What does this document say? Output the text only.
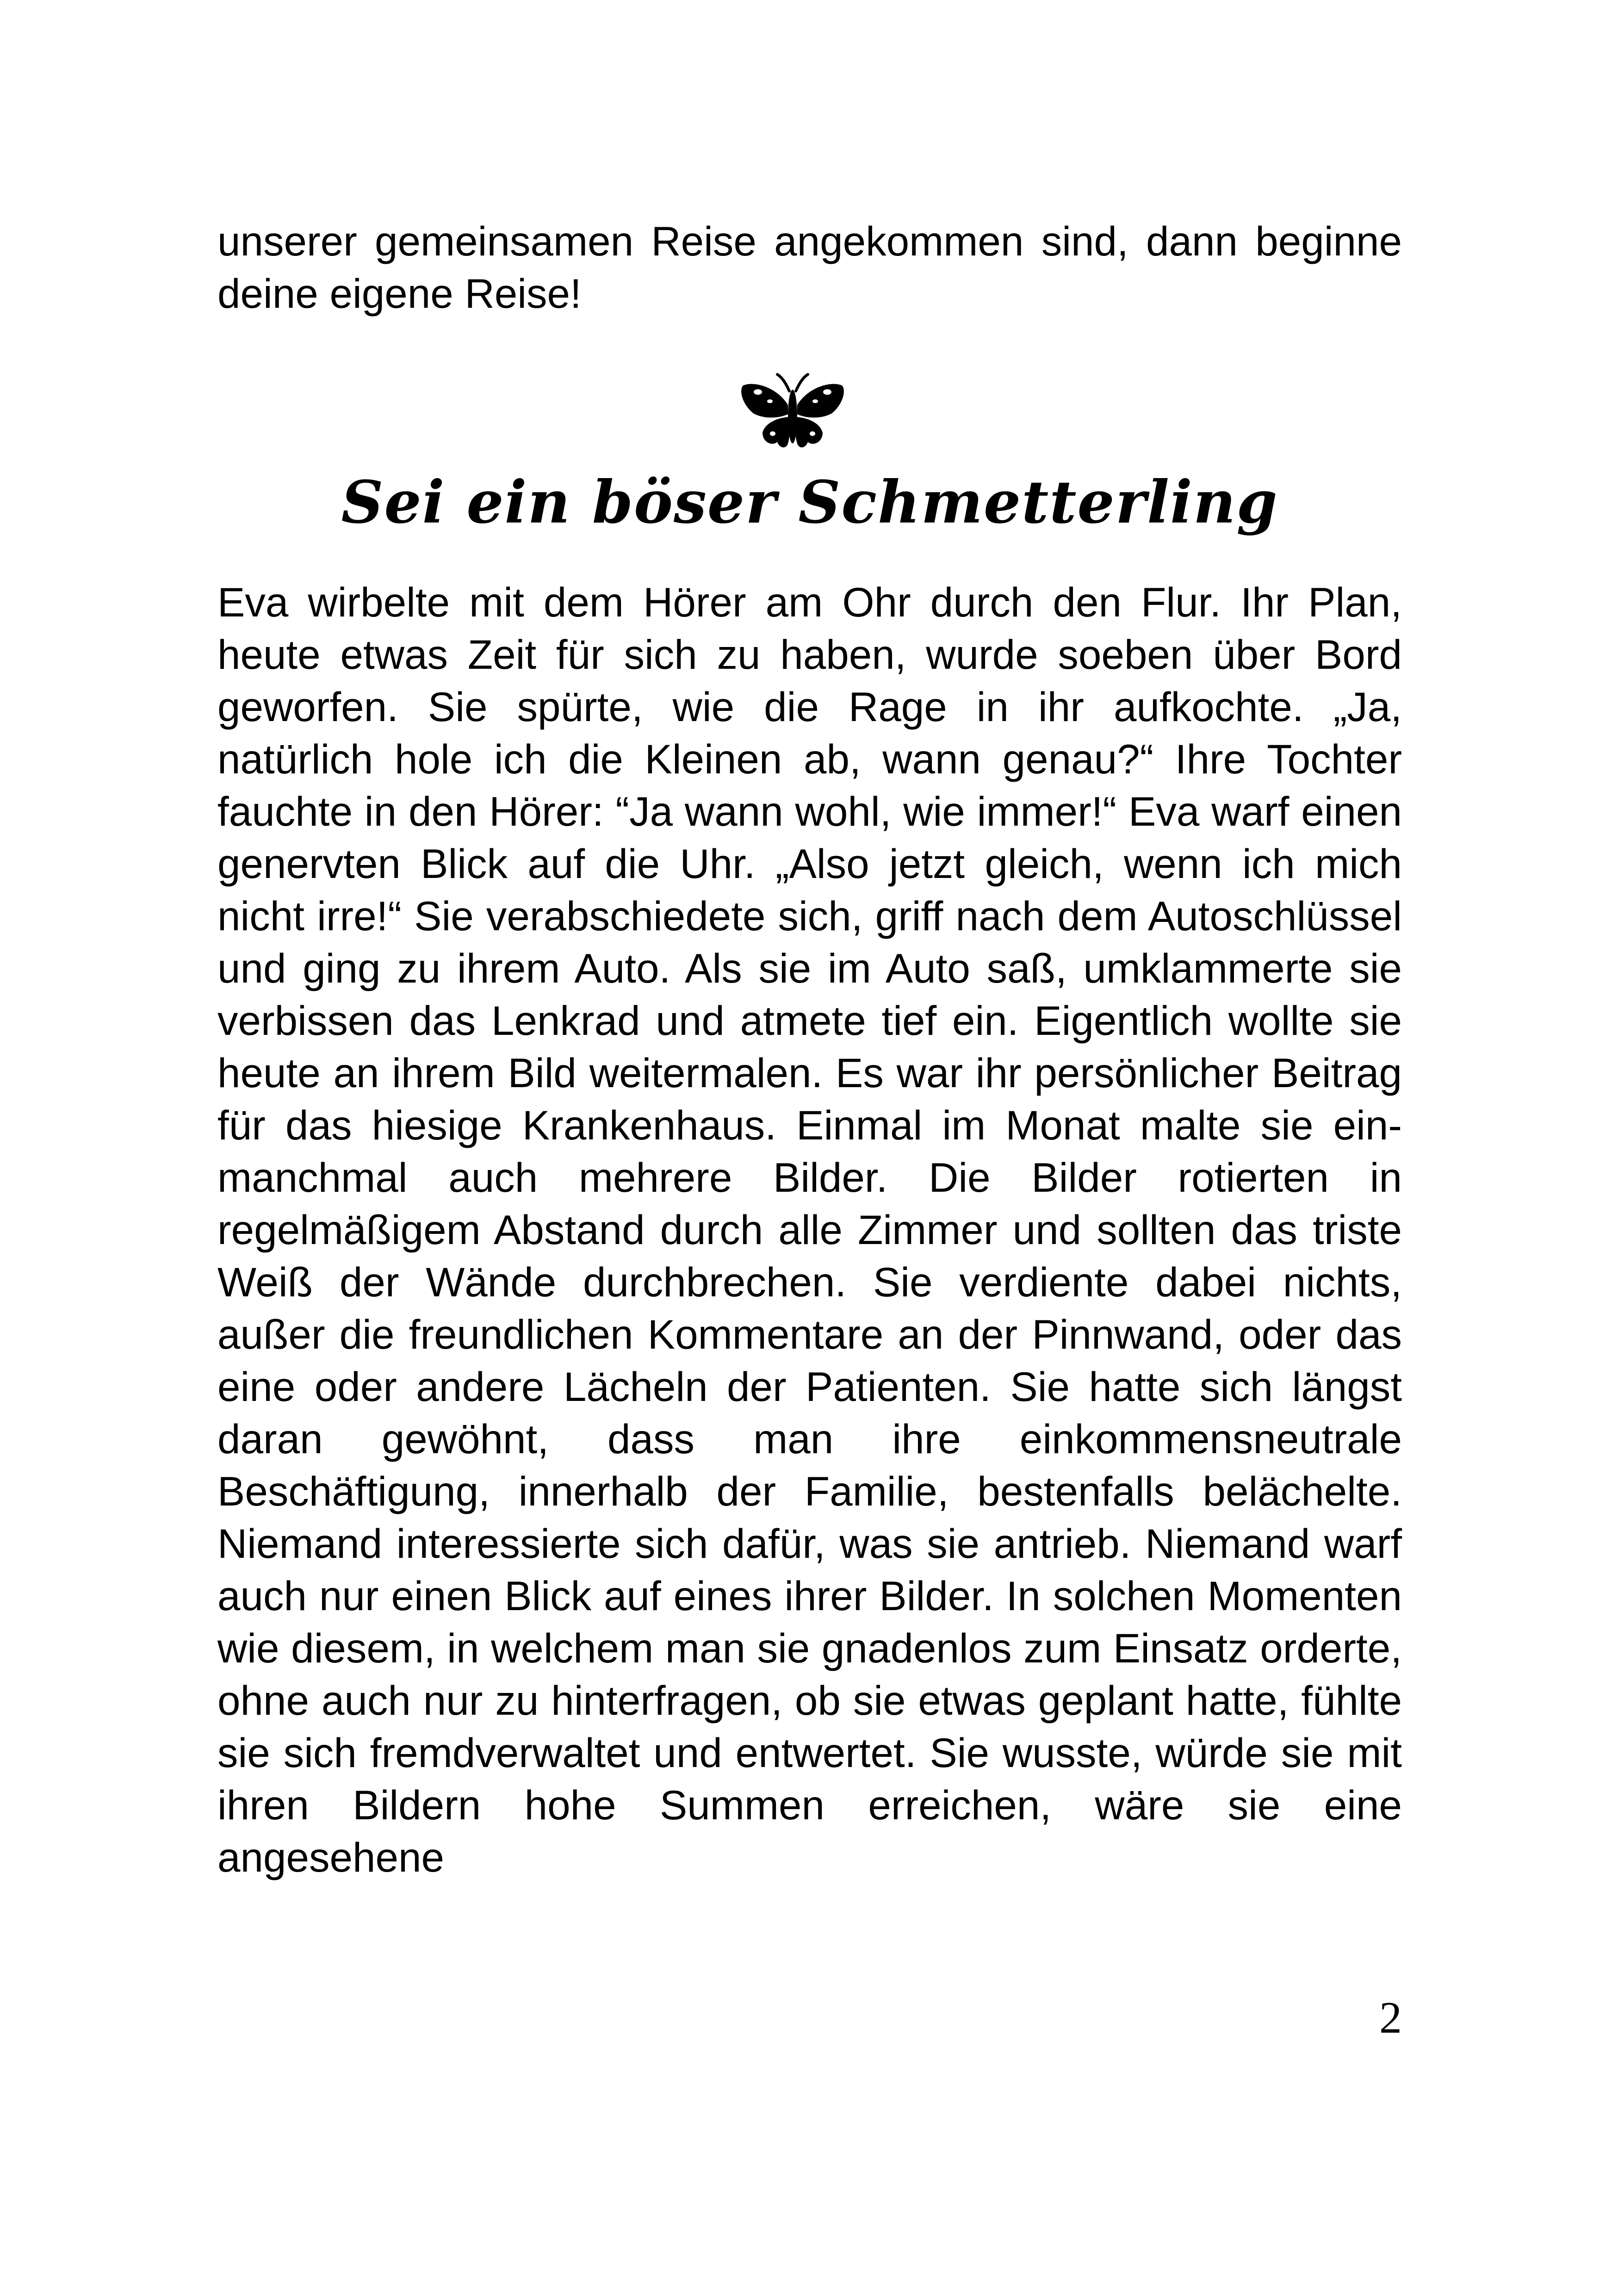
unserer gemeinsamen Reise angekommen sind, dann beginne deine eigene Reise!

Sei ein böser Schmetterling

Eva wirbelte mit dem Hörer am Ohr durch den Flur. Ihr Plan, heute etwas Zeit für sich zu haben, wurde soeben über Bord geworfen. Sie spürte, wie die Rage in ihr aufkochte. „Ja, natürlich hole ich die Kleinen ab, wann genau?“ Ihre Tochter fauchte in den Hörer: “Ja wann wohl, wie immer!“ Eva warf einen genervten Blick auf die Uhr. „Also jetzt gleich, wenn ich mich nicht irre!“ Sie verabschiedete sich, griff nach dem Autoschlüssel und ging zu ihrem Auto. Als sie im Auto saß, umklammerte sie verbissen das Lenkrad und atmete tief ein. Eigentlich wollte sie heute an ihrem Bild weitermalen. Es war ihr persönlicher Beitrag für das hiesige Krankenhaus. Einmal im Monat malte sie ein- manchmal auch mehrere Bilder. Die Bilder rotierten in regelmäßigem Abstand durch alle Zimmer und sollten das triste Weiß der Wände durchbrechen. Sie verdiente dabei nichts, außer die freundlichen Kommentare an der Pinnwand, oder das eine oder andere Lächeln der Patienten. Sie hatte sich längst daran gewöhnt, dass man ihre einkommensneutrale Beschäftigung, innerhalb der Familie, bestenfalls belächelte. Niemand interessierte sich dafür, was sie antrieb. Niemand warf auch nur einen Blick auf eines ihrer Bilder. In solchen Momenten wie diesem, in welchem man sie gnadenlos zum Einsatz orderte, ohne auch nur zu hinterfragen, ob sie etwas geplant hatte, fühlte sie sich fremdverwaltet und entwertet. Sie wusste, würde sie mit ihren Bildern hohe Summen erreichen, wäre sie eine angesehene

2
